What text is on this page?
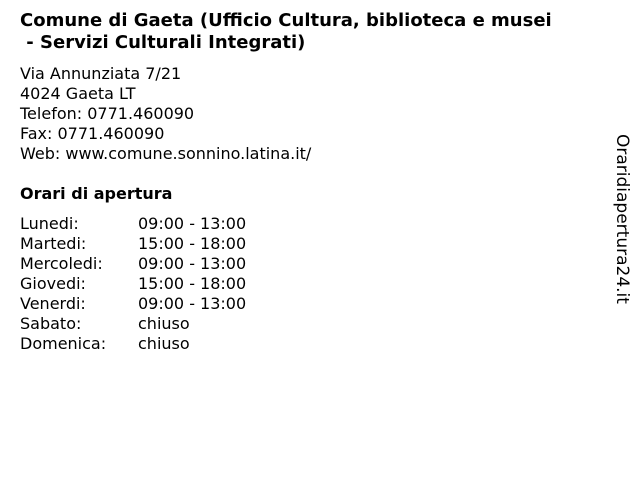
Comune di Gaeta (Ufficio Cultura, biblioteca e musei
- Servizi Culturali Integrati)
Via Annunziata 7/21
4024 Gaeta LT
Telefon: 0771.460090
Fax: 0771.460090
Web: www.comune.sonnino.latina.it/
Orari di apertura
Lunedi:	09:00 - 13:00
Martedi:	15:00 - 18:00
Mercoledi:	09:00 - 13:00
Giovedi:	15:00 - 18:00
Venerdi:	09:00 - 13:00
Sabato:	chiuso
Domenica:	chiuso
Oraridiapertura24.it
